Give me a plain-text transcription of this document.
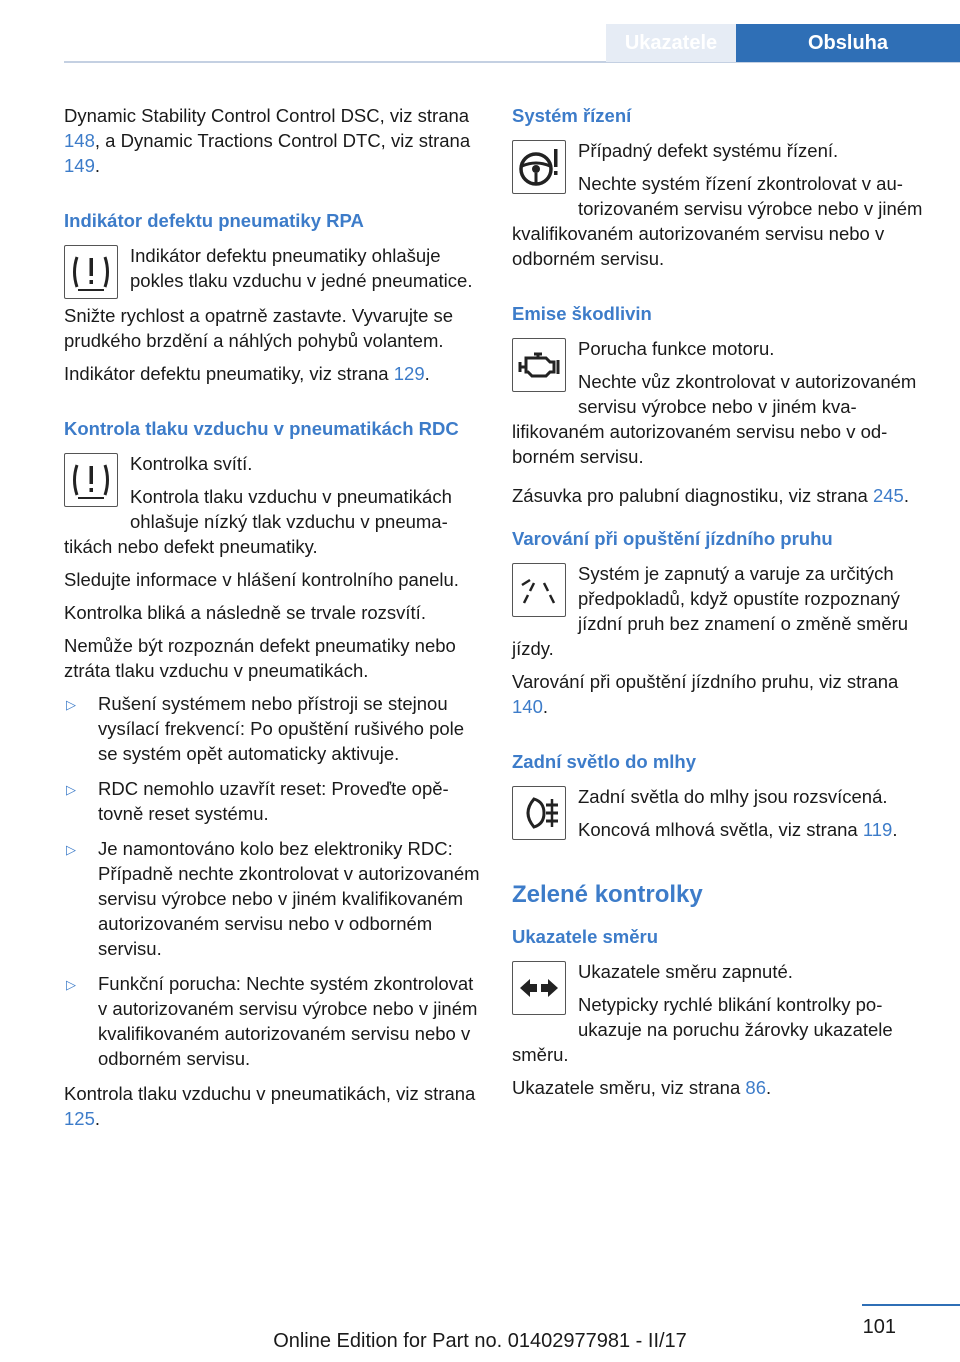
Ukazatele	Obsluha

Dynamic Stability Control Control DSC, viz strana 148, a Dynamic Tractions Control DTC, viz strana 149.

Indikátor defektu pneumatiky RPA

Indikátor defektu pneumatiky ohlašuje pokles tlaku vzduchu v jedné pneumatice.

Snižte rychlost a opatrně zastavte. Vyvarujte se prudkého brzdění a náhlých pohybů volantem.

Indikátor defektu pneumatiky, viz strana 129.

Kontrola tlaku vzduchu v pneumatikách RDC

Kontrolka svítí.

Kontrola tlaku vzduchu v pneumatikách ohlašuje nízký tlak vzduchu v pneumatikách nebo defekt pneumatiky.

Sledujte informace v hlášení kontrolního panelu.

Kontrolka bliká a následně se trvale rozsvítí.

Nemůže být rozpoznán defekt pneumatiky nebo ztráta tlaku vzduchu v pneumatikách.

▷ Rušení systémem nebo přístroji se stejnou vysílací frekvencí: Po opuštění rušivého pole se systém opět automaticky aktivuje.
▷ RDC nemohlo uzavřít reset: Proveďte opětovně reset systému.
▷ Je namontováno kolo bez elektroniky RDC: Případně nechte zkontrolovat v autorizovaném servisu výrobce nebo v jiném kvalifikovaném autorizovaném servisu nebo v odborném servisu.
▷ Funkční porucha: Nechte systém zkontrolovat v autorizovaném servisu výrobce nebo v jiném kvalifikovaném autorizovaném servisu nebo v odborném servisu.

Kontrola tlaku vzduchu v pneumatikách, viz strana 125.

Systém řízení

Případný defekt systému řízení.

Nechte systém řízení zkontrolovat v autorizovaném servisu výrobce nebo v jiném kvalifikovaném autorizovaném servisu nebo v odborném servisu.

Emise škodlivin

Porucha funkce motoru.

Nechte vůz zkontrolovat v autorizovaném servisu výrobce nebo v jiném kvalifikovaném autorizovaném servisu nebo v odborném servisu.

Zásuvka pro palubní diagnostiku, viz strana 245.

Varování při opuštění jízdního pruhu

Systém je zapnutý a varuje za určitých předpokladů, když opustíte rozpoznaný jízdní pruh bez znamení o změně směru jízdy.

Varování při opuštění jízdního pruhu, viz strana 140.

Zadní světlo do mlhy

Zadní světla do mlhy jsou rozsvícená.

Koncová mlhová světla, viz strana 119.

Zelené kontrolky
Ukazatele směru

Ukazatele směru zapnuté.

Netypicky rychlé blikání kontrolky poukazuje na poruchu žárovky ukazatele směru.

Ukazatele směru, viz strana 86.

101
Online Edition for Part no. 01402977981 - II/17
